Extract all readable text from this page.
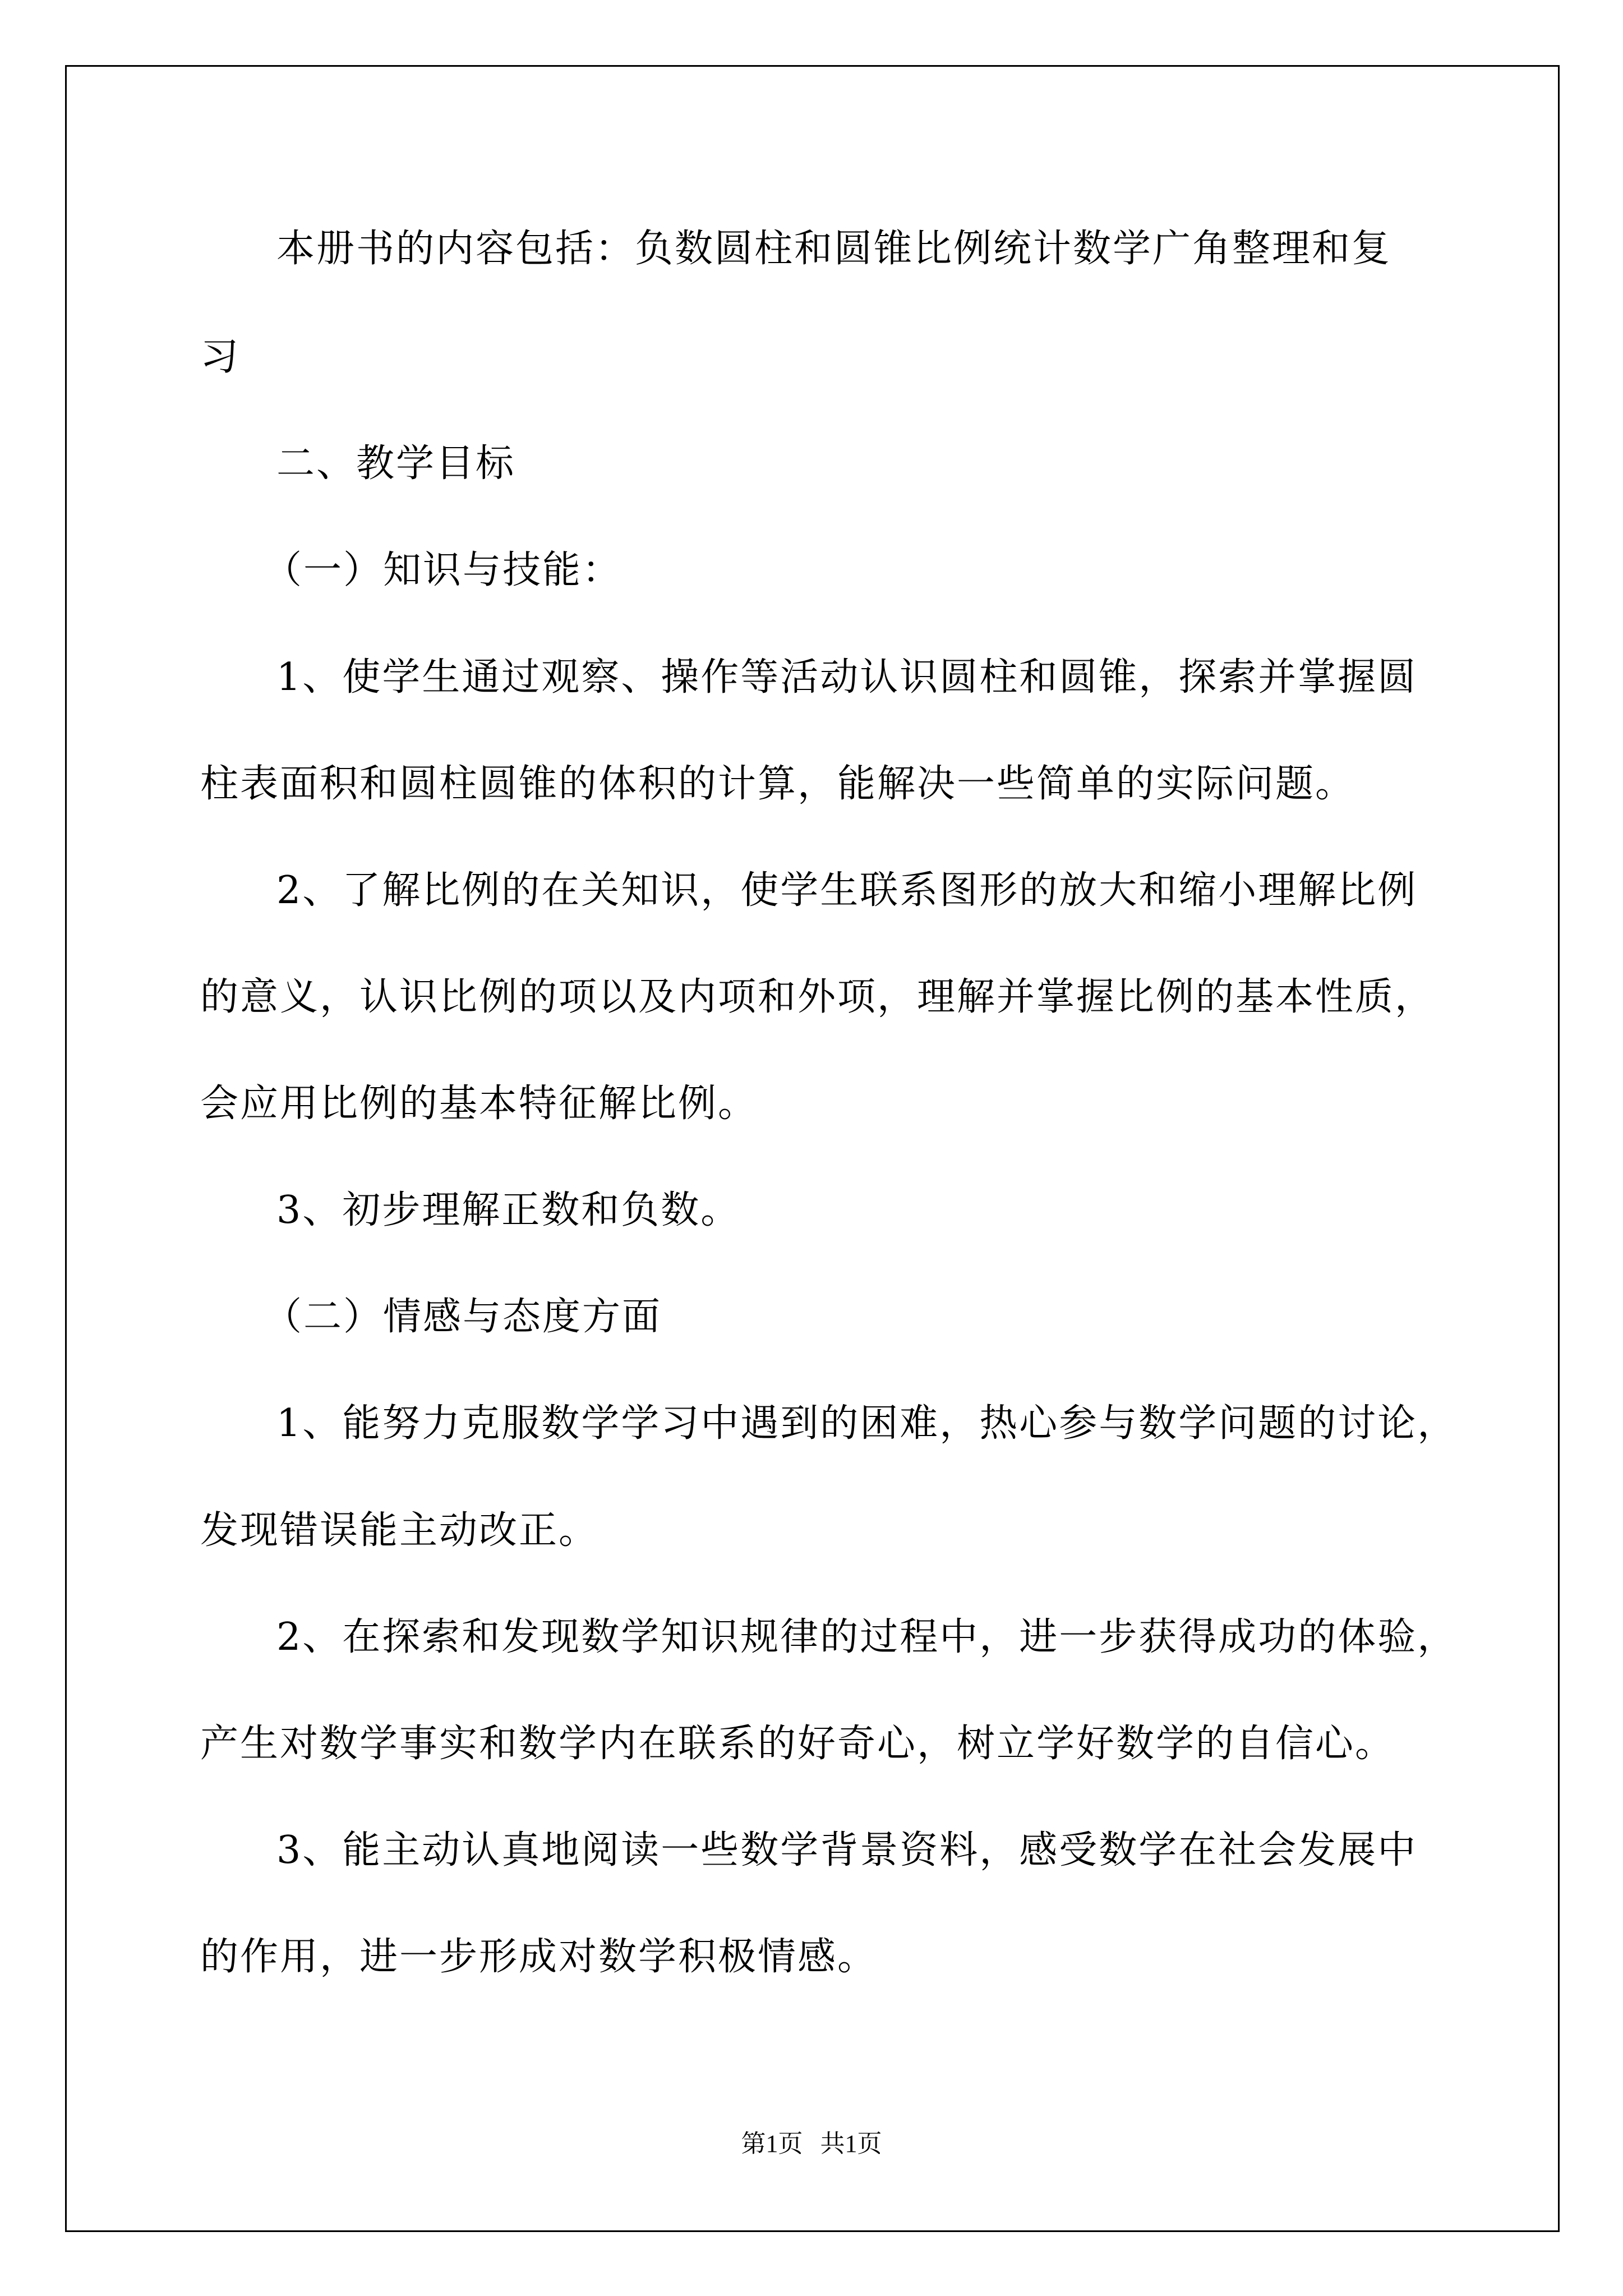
本册书的内容包括：负数圆柱和圆锥比例统计数学广角整理和复
习
二、教学目标
（一）知识与技能：
1、使学生通过观察、操作等活动认识圆柱和圆锥，探索并掌握圆
柱表面积和圆柱圆锥的体积的计算，能解决一些简单的实际问题。
2、了解比例的在关知识，使学生联系图形的放大和缩小理解比例
的意义，认识比例的项以及内项和外项，理解并掌握比例的基本性质，
会应用比例的基本特征解比例。
3、初步理解正数和负数。
（二）情感与态度方面
1、能努力克服数学学习中遇到的困难，热心参与数学问题的讨论，
发现错误能主动改正。
2、在探索和发现数学知识规律的过程中，进一步获得成功的体验，
产生对数学事实和数学内在联系的好奇心，树立学好数学的自信心。
3、能主动认真地阅读一些数学背景资料，感受数学在社会发展中
的作用，进一步形成对数学积极情感。
第1页 共1页
